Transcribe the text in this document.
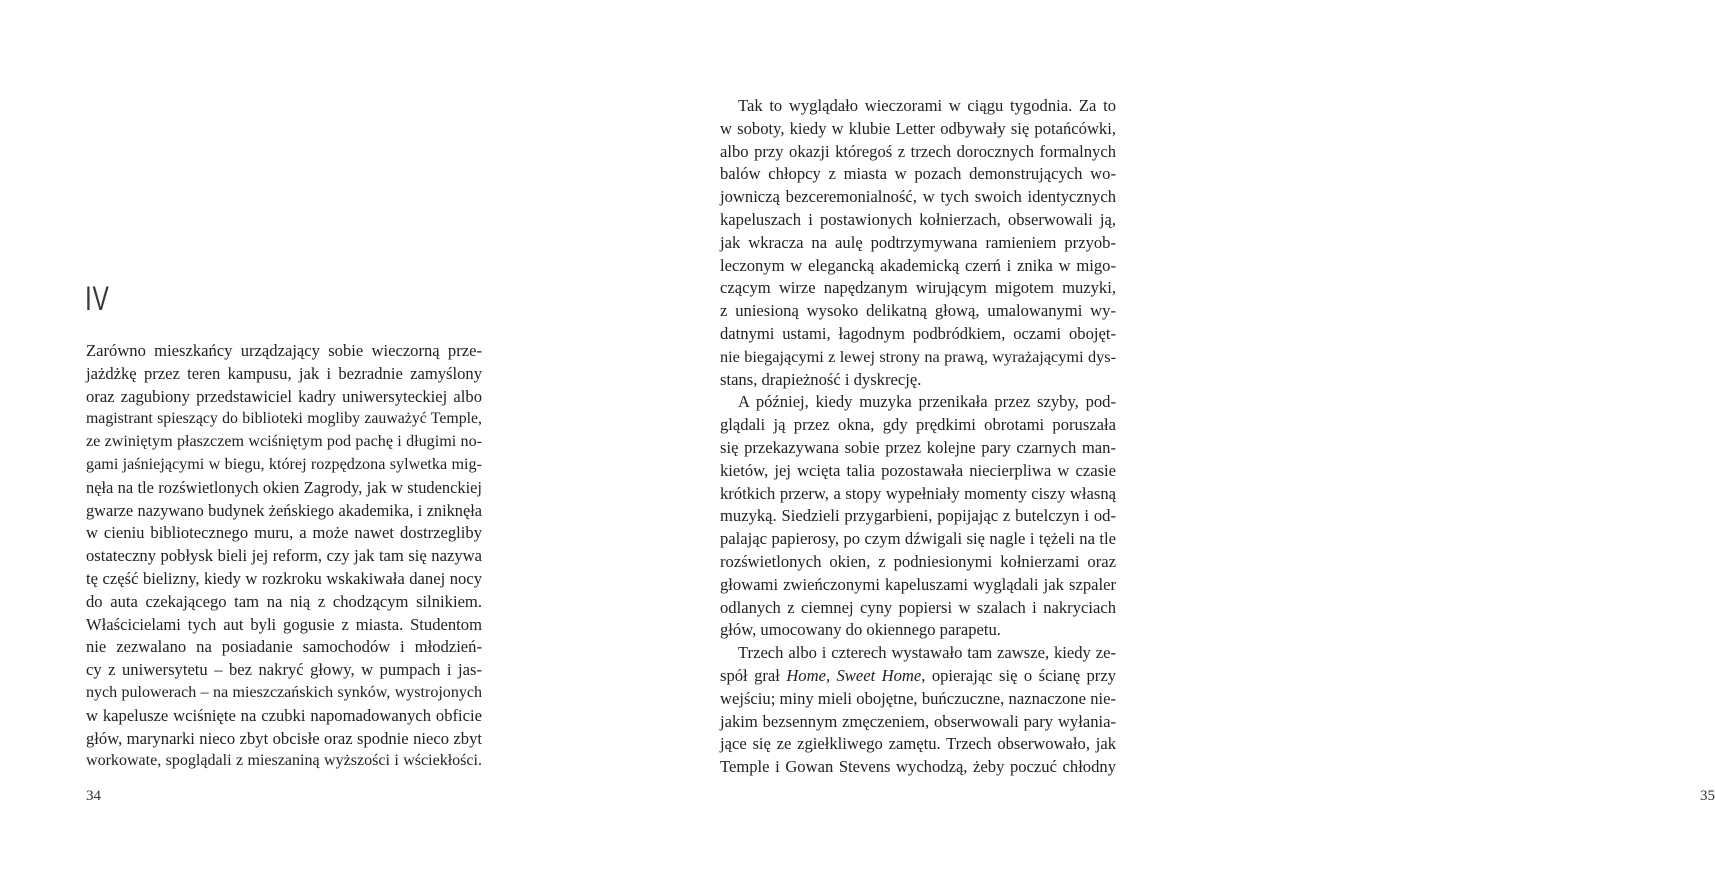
IV
Zarówno mieszkańcy urządzający sobie wieczorną prze-
jażdżkę przez teren kampusu, jak i bezradnie zamyślony
oraz zagubiony przedstawiciel kadry uniwersyteckiej albo
magistrant spieszący do biblioteki mogliby zauważyć Temple,
ze zwiniętym płaszczem wciśniętym pod pachę i długimi no-
gami jaśniejącymi w biegu, której rozpędzona sylwetka mig-
nęła na tle rozświetlonych okien Zagrody, jak w studenckiej
gwarze nazywano budynek żeńskiego akademika, i zniknęła
w cieniu bibliotecznego muru, a może nawet dostrzegliby
ostateczny pobłysk bieli jej reform, czy jak tam się nazywa
tę część bielizny, kiedy w rozkroku wskakiwała danej nocy
do auta czekającego tam na nią z chodzącym silnikiem.
Właścicielami tych aut byli gogusie z miasta. Studentom
nie zezwalano na posiadanie samochodów i młodzień-
cy z uniwersytetu – bez nakryć głowy, w pumpach i jas-
nych pulowerach – na mieszczańskich synków, wystrojonych
w kapelusze wciśnięte na czubki napomadowanych obficie
głów, marynarki nieco zbyt obcisłe oraz spodnie nieco zbyt
workowate, spoglądali z mieszaniną wyższości i wściekłości.
34	35
Tak to wyglądało wieczorami w ciągu tygodnia. Za to
w soboty, kiedy w klubie Letter odbywały się potańcówki,
albo przy okazji któregoś z trzech dorocznych formalnych
balów chłopcy z miasta w pozach demonstrujących wo-
jowniczą bezceremonialność, w tych swoich identycznych
kapeluszach i postawionych kołnierzach, obserwowali ją,
jak wkracza na aulę podtrzymywana ramieniem przyob-
leczonym w elegancką akademicką czerń i znika w migo-
czącym wirze napędzanym wirującym migotem muzyki,
z uniesioną wysoko delikatną głową, umalowanymi wy-
datnymi ustami, łagodnym podbródkiem, oczami obojęt-
nie biegającymi z lewej strony na prawą, wyrażającymi dys-
stans, drapieżność i dyskrecję.
A później, kiedy muzyka przenikała przez szyby, pod-
glądali ją przez okna, gdy prędkimi obrotami poruszała
się przekazywana sobie przez kolejne pary czarnych man-
kietów, jej wcięta talia pozostawała niecierpliwa w czasie
krótkich przerw, a stopy wypełniały momenty ciszy własną
muzyką. Siedzieli przygarbieni, popijając z butelczyn i od-
palając papierosy, po czym dźwigali się nagle i tężeli na tle
rozświetlonych okien, z podniesionymi kołnierzami oraz
głowami zwieńczonymi kapeluszami wyglądali jak szpaler
odlanych z ciemnej cyny popiersi w szalach i nakryciach
głów, umocowany do okiennego parapetu.
Trzech albo i czterech wystawało tam zawsze, kiedy ze-
spół grał Home, Sweet Home, opierając się o ścianę przy
wejściu; miny mieli obojętne, buńczuczne, naznaczone nie-
jakim bezsennym zmęczeniem, obserwowali pary wyłania-
jące się ze zgiełkliwego zamętu. Trzech obserwowało, jak
Temple i Gowan Stevens wychodzą, żeby poczuć chłodny
